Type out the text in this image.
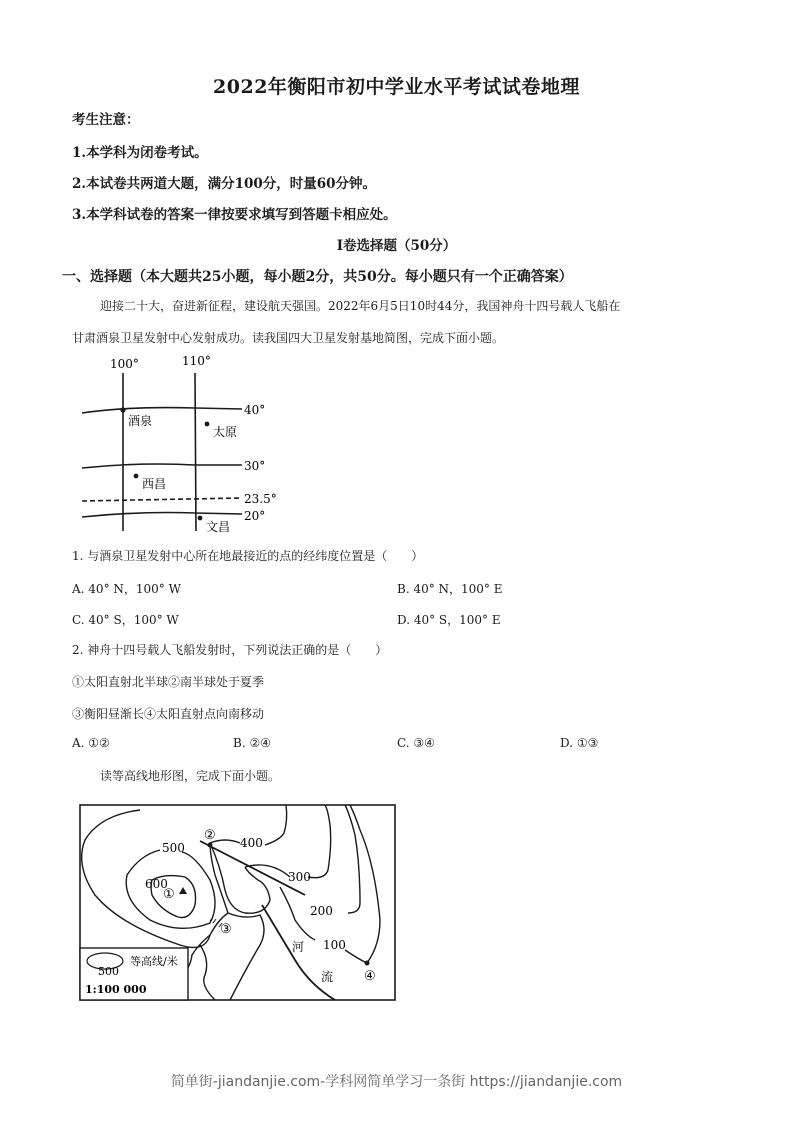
2022年衡阳市初中学业水平考试试卷地理
考生注意：
1.本学科为闭卷考试。
2.本试卷共两道大题，满分100分，时量60分钟。
3.本学科试卷的答案一律按要求填写到答题卡相应处。
Ⅰ卷选择题（50分）
一、选择题（本大题共25小题，每小题2分，共50分。每小题只有一个正确答案）
迎接二十大，奋进新征程，建设航天强国。2022年6月5日10时44分，我国神舟十四号载人飞船在
甘肃酒泉卫星发射中心发射成功。读我国四大卫星发射基地简图，完成下面小题。
100°	110°
40°
30°
23.5°
20°
酒泉
太原
西昌
文昌
1. 与酒泉卫星发射中心所在地最接近的点的经纬度位置是（　　）
A. 40° N，100° W	B. 40° N，100° E
C. 40° S，100° W	D. 40° S，100° E
2. 神舟十四号载人飞船发射时，下列说法正确的是（　　）
①太阳直射北半球②南半球处于夏季
③衡阳昼渐长④太阳直射点向南移动
A. ①②	B. ②④	C. ③④	D. ①③
读等高线地形图，完成下面小题。
500
600
400
300
200
100
①
②
③
④
河
流
500
等高线/米
1:100 000
简单街-jiandanjie.com-学科网简单学习一条街 https://jiandanjie.com
